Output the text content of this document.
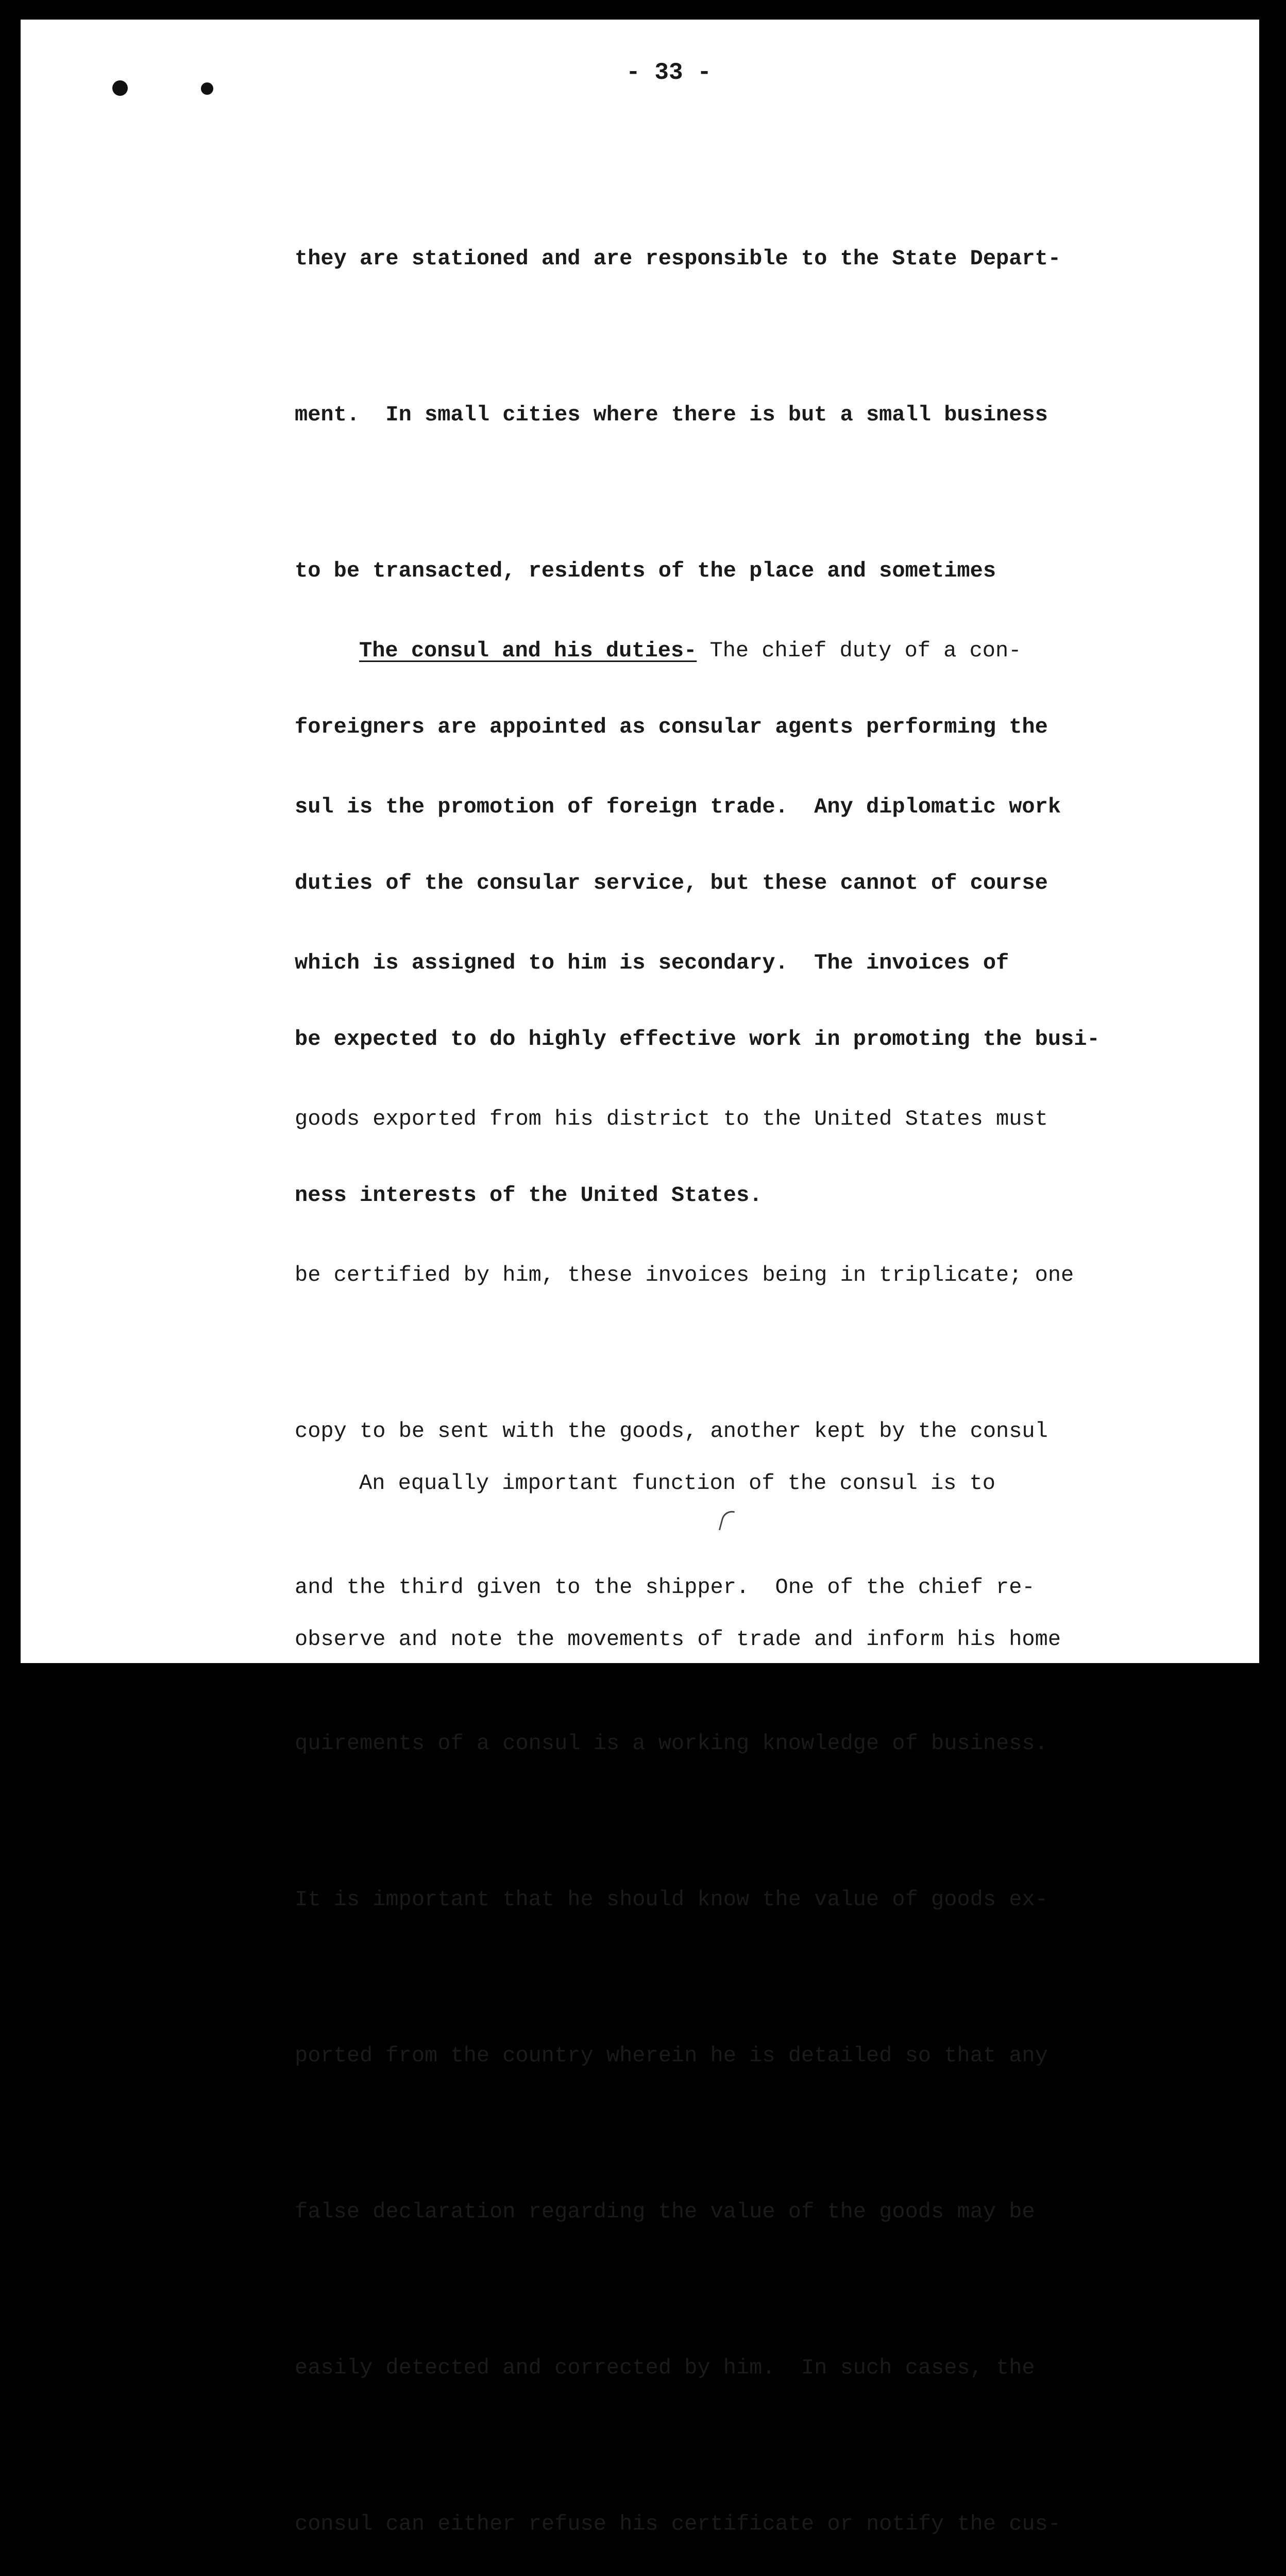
- 33 -

they are stationed and are responsible to the State Depart-

ment.  In small cities where there is but a small business

to be transacted, residents of the place and sometimes

foreigners are appointed as consular agents performing the

duties of the consular service, but these cannot of course

be expected to do highly effective work in promoting the busi-

ness interests of the United States.

The consul and his duties- The chief duty of a con-

sul is the promotion of foreign trade.  Any diplomatic work

which is assigned to him is secondary.  The invoices of

goods exported from his district to the United States must

be certified by him, these invoices being in triplicate; one

copy to be sent with the goods, another kept by the consul

and the third given to the shipper.  One of the chief re-

quirements of a consul is a working knowledge of business.

It is important that he should know the value of goods ex-

ported from the country wherein he is detailed so that any

false declaration regarding the value of the goods may be

easily detected and corrected by him.  In such cases, the

consul can either refuse his certificate or notify the cus-

An equally important function of the consul is to

observe and note the movements of trade and inform his home
